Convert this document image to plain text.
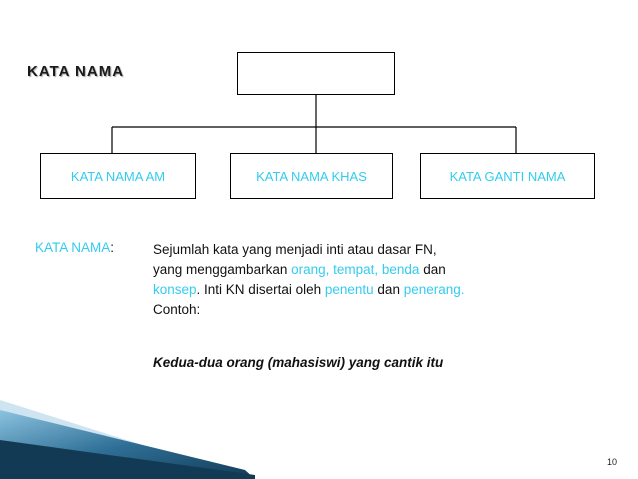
KATA NAMA
KATA NAMA AM	KATA NAMA KHAS	KATA GANTI NAMA
KATA NAMA:	Sejumlah kata yang menjadi inti atau dasar FN,
yang menggambarkan orang, tempat, benda dan
konsep. Inti KN disertai oleh penentu dan penerang.
Contoh:
Kedua-dua orang (mahasiswi) yang cantik itu
10
